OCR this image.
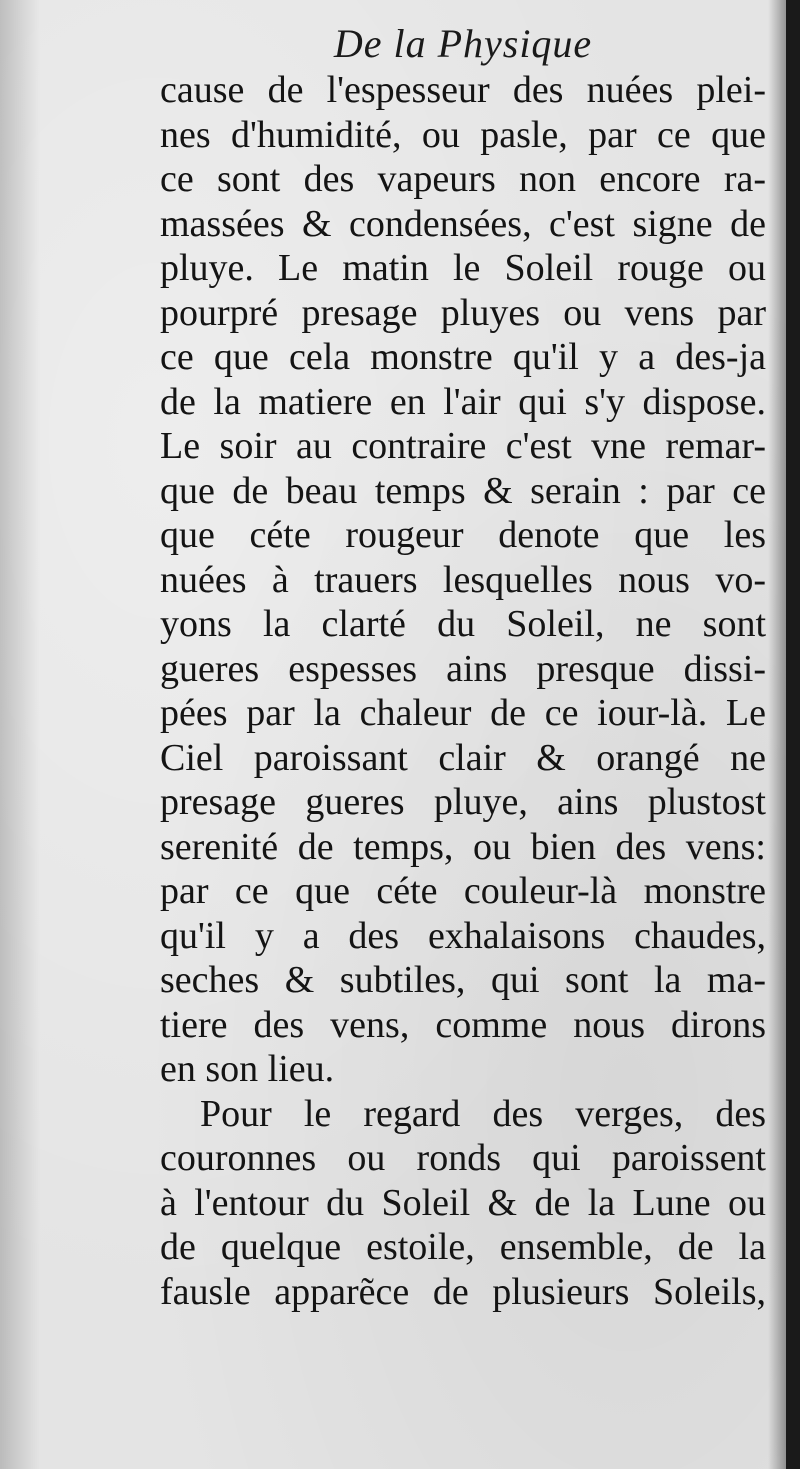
De la Physique
cause de l'espesseur des nuées plei-
nes d'humidité, ou pasle, par ce que
ce sont des vapeurs non encore ra-
massées & condensées, c'est signe de
pluye. Le matin le Soleil rouge ou
pourpré presage pluyes ou vens par
ce que cela monstre qu'il y a des-ja
de la matiere en l'air qui s'y dispose.
Le soir au contraire c'est vne remar-
que de beau temps & serain : par ce
que céte rougeur denote que les
nuées à trauers lesquelles nous vo-
yons la clarté du Soleil, ne sont
gueres espesses ains presque dissi-
pées par la chaleur de ce iour-là. Le
Ciel paroissant clair & orangé ne
presage gueres pluye, ains plustost
serenité de temps, ou bien des vens:
par ce que céte couleur-là monstre
qu'il y a des exhalaisons chaudes,
seches & subtiles, qui sont la ma-
tiere des vens, comme nous dirons
en son lieu.
Pour le regard des verges, des
couronnes ou ronds qui paroissent
à l'entour du Soleil & de la Lune ou
de quelque estoile, ensemble, de la
fausle apparẽce de plusieurs Soleils,
